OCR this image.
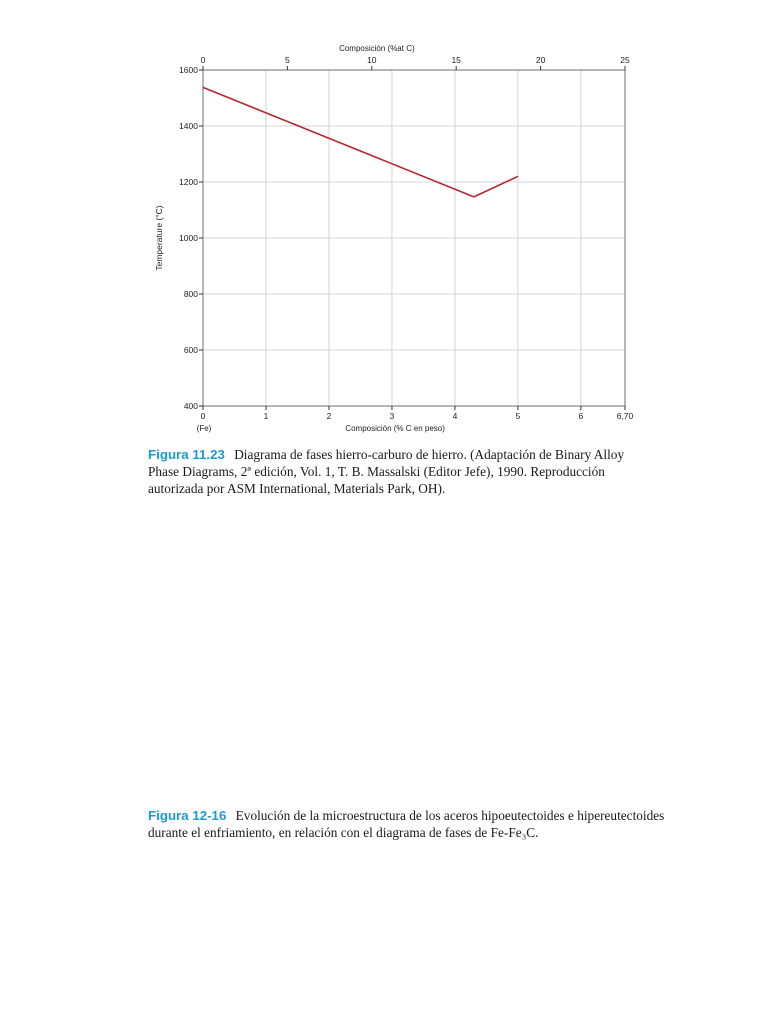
0	1	2	3	4	5	6	6,70
(Fe)	Composición (% C en peso)
0	5	10	15	20	25
Composición (%at C)
400
600
800
1000
1200
1400
1600
Temperature (°C)
Figura 11.23 Diagrama de fases hierro-carburo de hierro. (Adaptación de Binary Alloy Phase Diagrams, 2ª edición, Vol. 1, T. B. Massalski (Editor Jefe), 1990. Reproducción autorizada por ASM International, Materials Park, OH).
Figura 12-16 Evolución de la microestructura de los aceros hipoeutectoides e hipereutectoides durante el enfriamiento, en relación con el diagrama de fases de Fe-Fe₃C.
